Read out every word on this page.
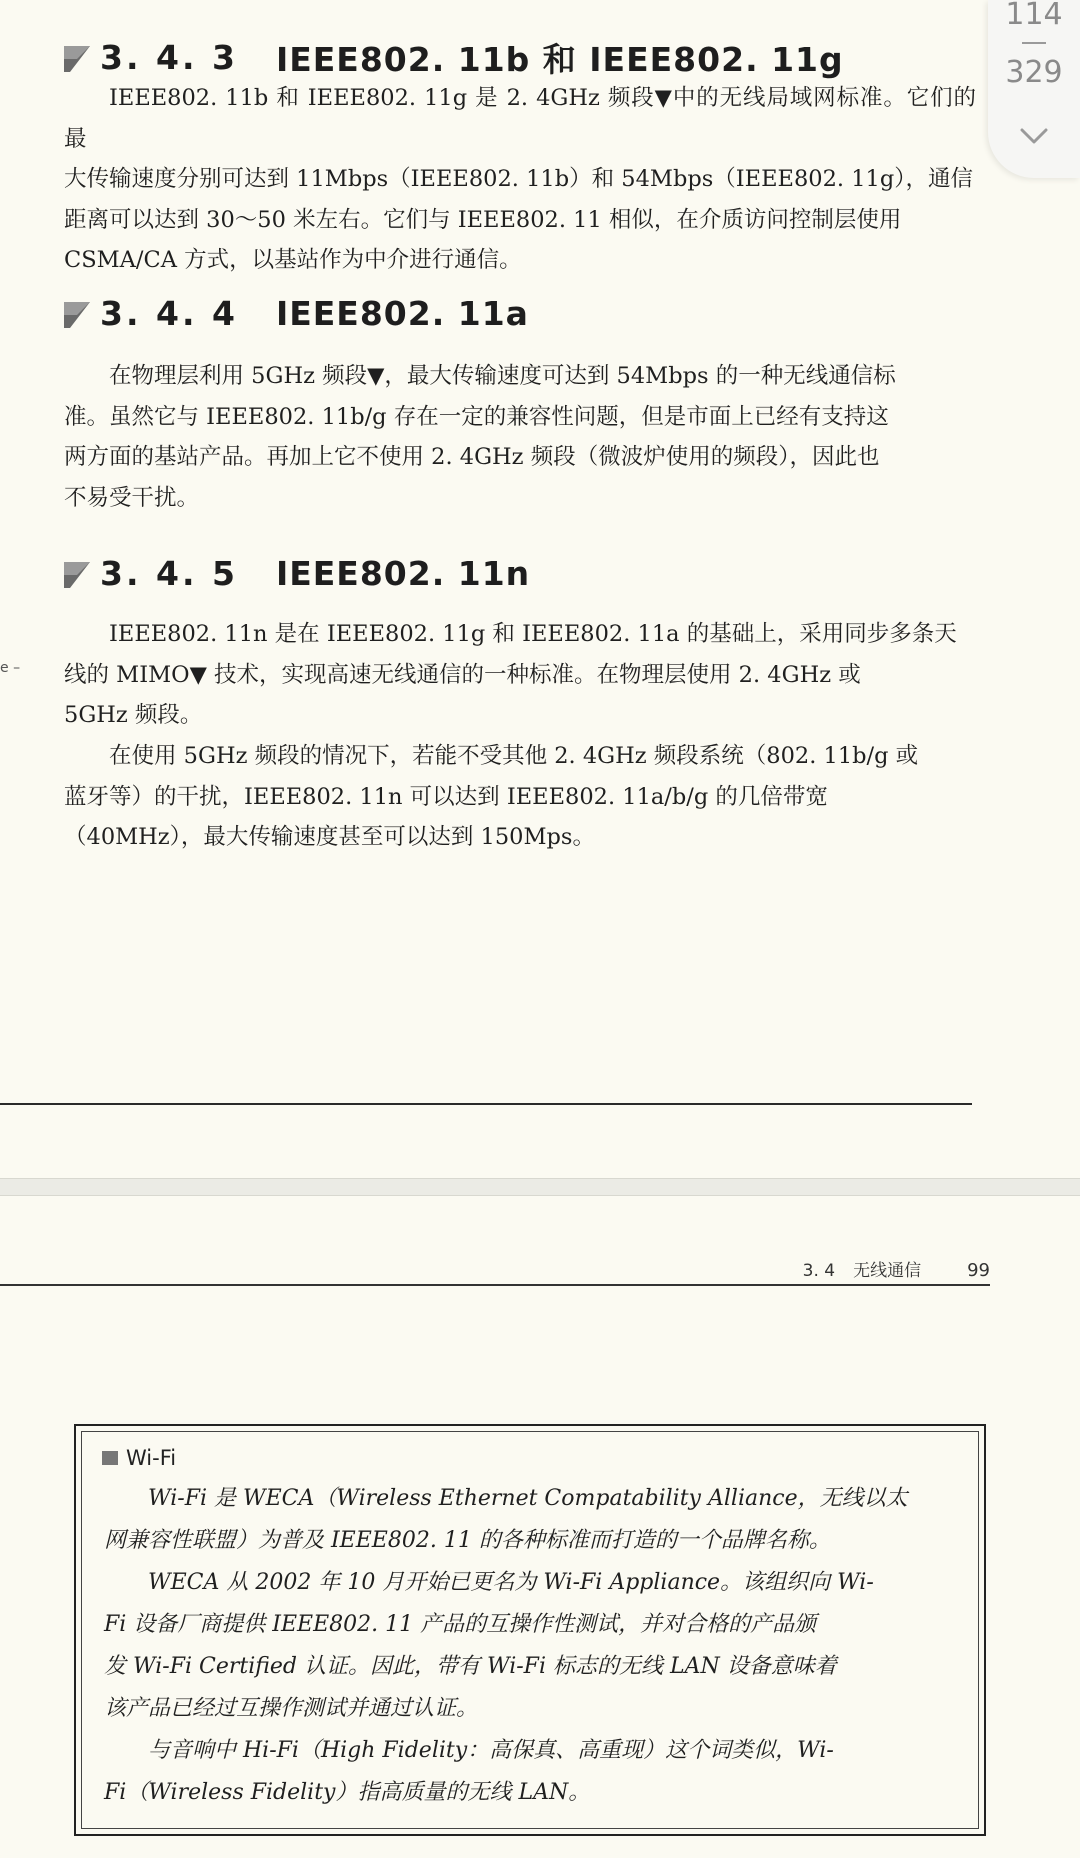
3. 4. 3 IEEE802. 11b 和 IEEE802. 11g
IEEE802. 11b 和 IEEE802. 11g 是 2. 4GHz 频段▼中的无线局域网标准。它们的最
大传输速度分别可达到 11Mbps（IEEE802. 11b）和 54Mbps（IEEE802. 11g），通信
距离可以达到 30～50 米左右。它们与 IEEE802. 11 相似，在介质访问控制层使用
CSMA/CA 方式，以基站作为中介进行通信。
3. 4. 4 IEEE802. 11a
在物理层利用 5GHz 频段▼，最大传输速度可达到 54Mbps 的一种无线通信标
准。虽然它与 IEEE802. 11b/g 存在一定的兼容性问题，但是市面上已经有支持这
两方面的基站产品。再加上它不使用 2. 4GHz 频段（微波炉使用的频段），因此也
不易受干扰。
3. 4. 5 IEEE802. 11n
IEEE802. 11n 是在 IEEE802. 11g 和 IEEE802. 11a 的基础上，采用同步多条天
线的 MIMO▼ 技术，实现高速无线通信的一种标准。在物理层使用 2. 4GHz 或
5GHz 频段。
在使用 5GHz 频段的情况下，若能不受其他 2. 4GHz 频段系统（802. 11b/g 或
蓝牙等）的干扰，IEEE802. 11n 可以达到 IEEE802. 11a/b/g 的几倍带宽
（40MHz），最大传输速度甚至可以达到 150Mps。
e –
114
329
3. 4 无线通信	99
Wi-Fi
Wi-Fi 是 WECA（Wireless Ethernet Compatability Alliance，无线以太
网兼容性联盟）为普及 IEEE802. 11 的各种标准而打造的一个品牌名称。
WECA 从 2002 年 10 月开始已更名为 Wi-Fi Appliance。该组织向 Wi-
Fi 设备厂商提供 IEEE802. 11 产品的互操作性测试，并对合格的产品颁
发 Wi-Fi Certified 认证。因此，带有 Wi-Fi 标志的无线 LAN 设备意味着
该产品已经过互操作测试并通过认证。
与音响中 Hi-Fi（High Fidelity：高保真、高重现）这个词类似，Wi-
Fi（Wireless Fidelity）指高质量的无线 LAN。
